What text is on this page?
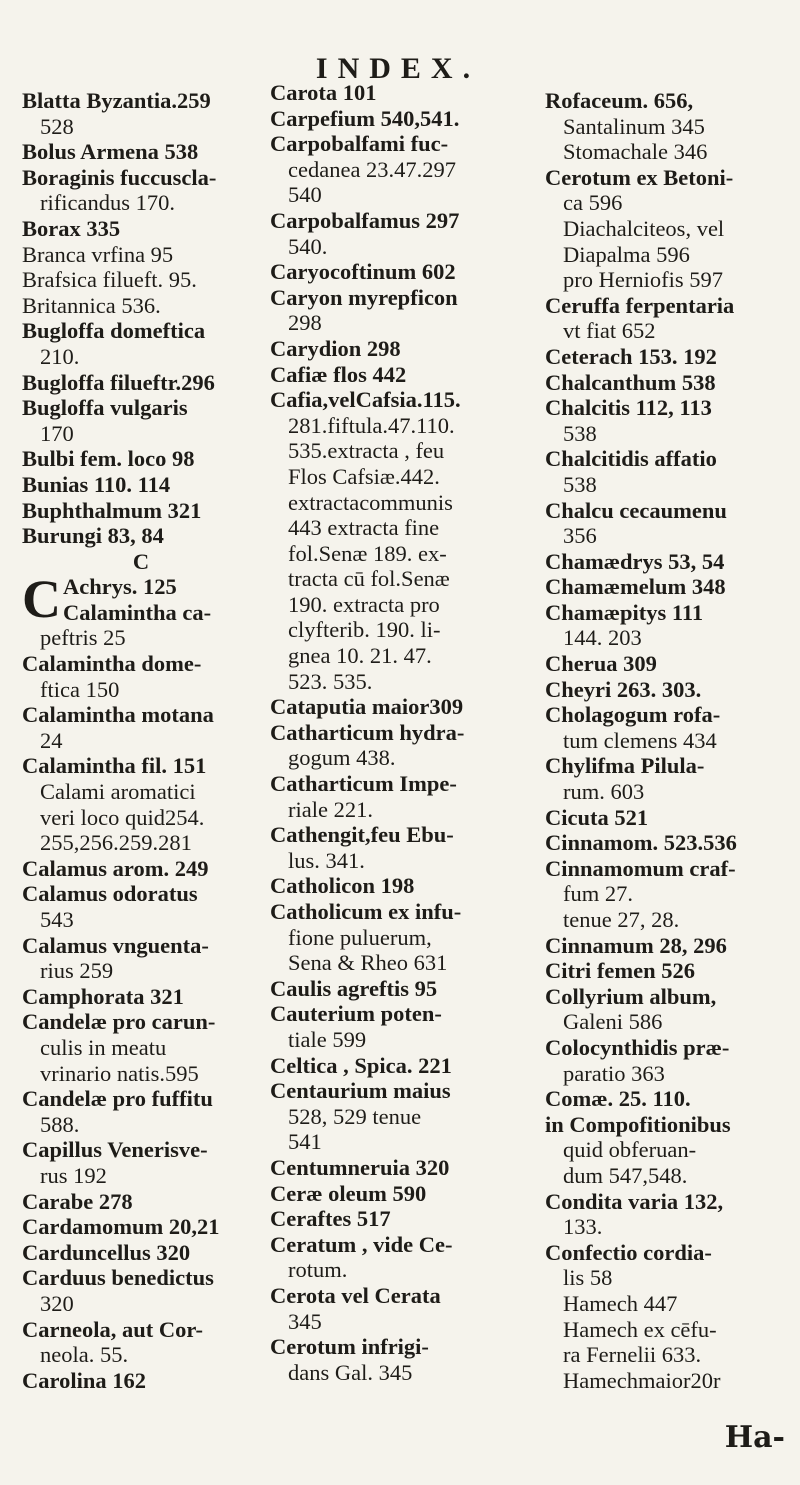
INDEX.
Blatta Byzantia.259
528
Bolus Armena 538
Boraginis fuccuscla-
rificandus 170.
Borax 335
Branca vrfina 95
Brafsica filueft. 95.
Britannica 536.
Bugloffa domeftica
210.
Bugloffa filueftr.296
Bugloffa vulgaris
170
Bulbi fem. loco 98
Bunias 110. 114
Buphthalmum 321
Burungi 83, 84
C
C Achrys. 125
Calamintha ca-
peftris 25
Calamintha dome-
ftica 150
Calamintha motana
24
Calamintha fil. 151
Calami aromatici
veri loco quid254.
255,256.259.281
Calamus arom. 249
Calamus odoratus
543
Calamus vnguenta-
rius 259
Camphorata 321
Candelæ pro carun-
culis in meatu
vrinario natis.595
Candelæ pro fuffitu
588.
Capillus Venerisve-
rus 192
Carabe 278
Cardamomum 20,21
Carduncellus 320
Carduus benedictus
320
Carneola, aut Cor-
neola. 55.
Carolina 162
Carota 101
Carpefium 540,541.
Carpobalfami fuc-
cedanea 23.47.297
540
Carpobalfamus 297
540.
Caryocoftinum 602
Caryon myrepficon
298
Carydion 298
Cafiæ flos 442
Cafia,velCafsia.115.
281.fiftula.47.110.
535.extracta , feu
Flos Cafsiæ.442.
extractacommunis
443 extracta fine
fol.Senæ 189. ex-
tracta cū fol.Senæ
190. extracta pro
clyfterib. 190. li-
gnea 10. 21. 47.
523. 535.
Cataputia maior309
Catharticum hydra-
gogum 438.
Catharticum Impe-
riale 221.
Cathengit,feu Ebu-
lus. 341.
Catholicon 198
Catholicum ex infu-
fione puluerum,
Sena & Rheo 631
Caulis agreftis 95
Cauterium poten-
tiale 599
Celtica , Spica. 221
Centaurium maius
528, 529 tenue
541
Centumneruia 320
Ceræ oleum 590
Ceraftes 517
Ceratum , vide Ce-
rotum.
Cerota vel Cerata
345
Cerotum infrigi-
dans Gal. 345
Rofaceum. 656,
Santalinum 345
Stomachale 346
Cerotum ex Betoni-
ca 596
Diachalciteos, vel
Diapalma 596
pro Herniofis 597
Ceruffa ferpentaria
vt fiat 652
Ceterach 153. 192
Chalcanthum 538
Chalcitis 112, 113
538
Chalcitidis affatio
538
Chalcu cecaumenu
356
Chamædrys 53, 54
Chamæmelum 348
Chamæpitys 111
144. 203
Cherua 309
Cheyri 263. 303.
Cholagogum rofa-
tum clemens 434
Chylifma Pilula-
rum. 603
Cicuta 521
Cinnamom. 523.536
Cinnamomum craf-
fum 27.
tenue 27, 28.
Cinnamum 28, 296
Citri femen 526
Collyrium album,
Galeni 586
Colocynthidis præ-
paratio 363
Comæ. 25. 110.
in Compofitionibus
quid obferuan-
dum 547,548.
Condita varia 132,
133.
Confectio cordia-
lis 58
Hamech 447
Hamech ex cēfu-
ra Fernelii 633.
Hamechmaior20r
Ha-
